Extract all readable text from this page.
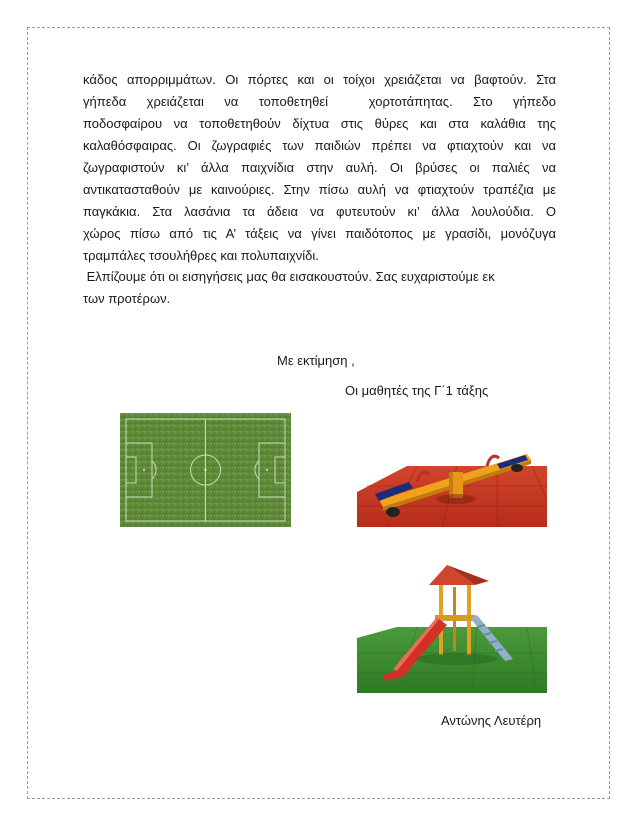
κάδος απορριμμάτων. Οι πόρτες και οι τοίχοι χρειάζεται να βαφτούν. Στα
γήπεδα  χρειάζεται  να  τοποθετηθεί    χορτοτάπητας.  Στο  γήπεδο
ποδοσφαίρου να τοποθετηθούν δίχτυα στις θύρες και στα καλάθια της
καλαθόσφαιρας. Οι ζωγραφιές των παιδιών πρέπει να φτιαχτούν και να
ζωγραφιστούν κι’ άλλα παιχνίδια στην αυλή. Οι βρύσες οι παλιές να
αντικατασταθούν με καινούριες. Στην πίσω αυλή να φτιαχτούν τραπέζια με
παγκάκια. Στα λασάνια τα άδεια να φυτευτούν κι’ άλλα λουλούδια. Ο
χώρος πίσω από τις Α’ τάξεις να γίνει παιδότοπος με γρασίδι, μονόζυγα
τραμπάλες τσουλήθρες και πολυπαιχνίδι.
Ελπίζουμε ότι οι εισηγήσεις μας θα εισακουστούν. Σας ευχαριστούμε εκ
των προτέρων.

Με εκτίμηση ,

Οι μαθητές της Γ΄1 τάξης

Αντώνης Λευτέρη
